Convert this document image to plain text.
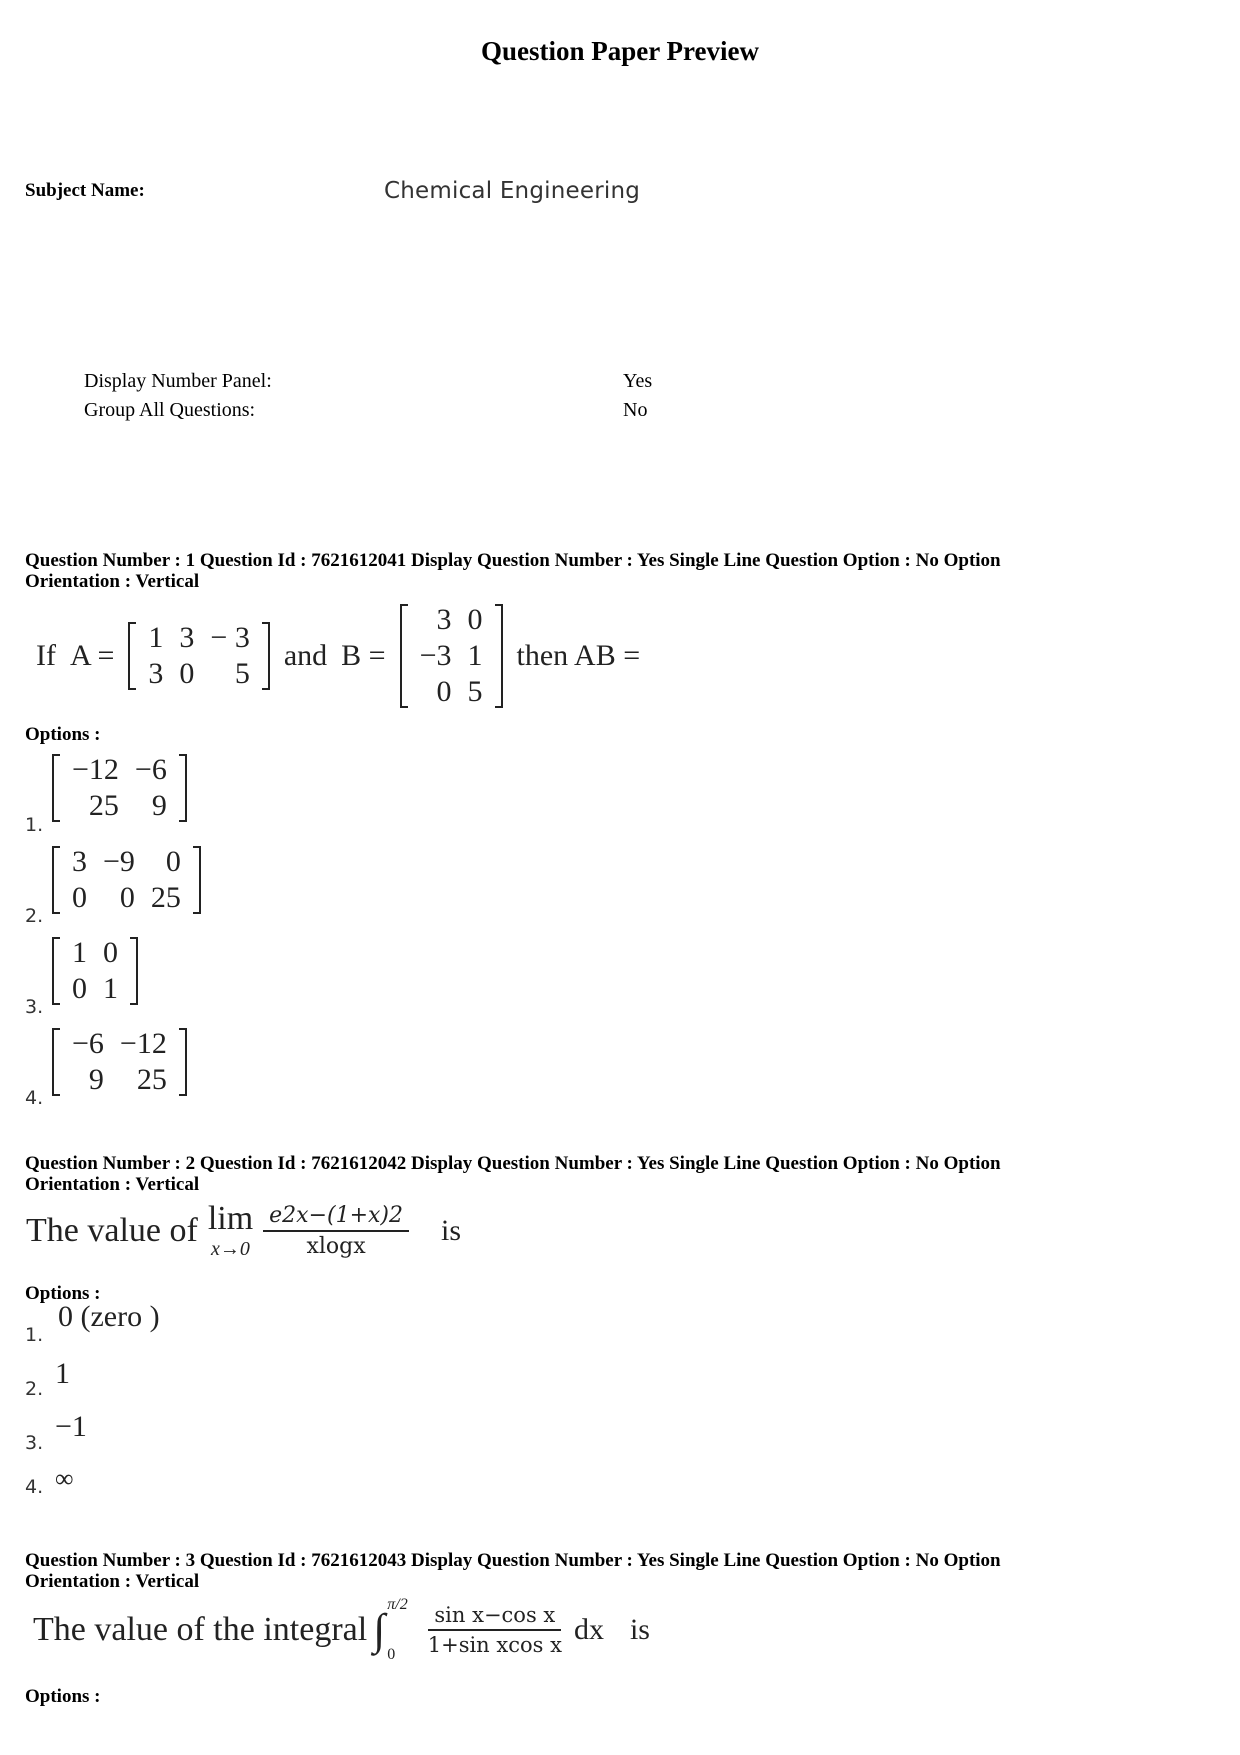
Question Paper Preview
Subject Name:	Chemical Engineering
Display Number Panel:	Yes
Group All Questions:	No
Question Number : 1 Question Id : 7621612041 Display Question Number : Yes Single Line Question Option : No Option
Orientation : Vertical
If A =
1	3	− 3
3	0	5
and B =
3	0
−3	1
0	5
then AB =
Options :
1.
−12	−6
25	9
2.
3	−9	0
0	0	25
3.
1	0
0	1
4.
−6	−12
9	25
Question Number : 2 Question Id : 7621612042 Display Question Number : Yes Single Line Question Option : No Option
Orientation : Vertical
The value of lim
$x\to 0 \frac{e2x-(1+x)2}{xlogx}$ is
Options :
1.
0 (zero )
2. 1
3. −1
4. ∞
Question Number : 3 Question Id : 7621612043 Display Question Number : Yes Single Line Question Option : No Option
Orientation : Vertical
The value of the integral ∫
π/2
0	$\frac{\text{sin x−cos x}}{\text{1+sin xcos x}}$ dx is
Options :
